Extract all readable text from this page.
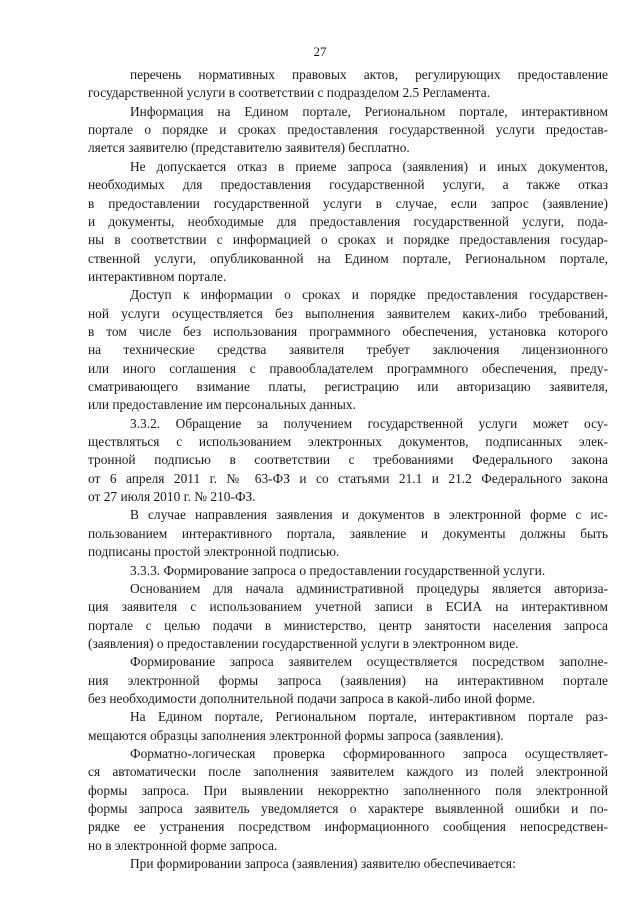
27
перечень нормативных правовых актов, регулирующих предоставление
государственной услуги в соответствии с подразделом 2.5 Регламента.
Информация на Едином портале, Региональном портале, интерактивном
портале о порядке и сроках предоставления государственной услуги предостав-
ляется заявителю (представителю заявителя) бесплатно.
Не допускается отказ в приеме запроса (заявления) и иных документов,
необходимых для предоставления государственной услуги, а также отказ
в предоставлении государственной услуги в случае, если запрос (заявление)
и документы, необходимые для предоставления государственной услуги, пода-
ны в соответствии с информацией о сроках и порядке предоставления государ-
ственной услуги, опубликованной на Едином портале, Региональном портале,
интерактивном портале.
Доступ к информации о сроках и порядке предоставления государствен-
ной услуги осуществляется без выполнения заявителем каких-либо требований,
в том числе без использования программного обеспечения, установка которого
на технические средства заявителя требует заключения лицензионного
или иного соглашения с правообладателем программного обеспечения, преду-
сматривающего взимание платы, регистрацию или авторизацию заявителя,
или предоставление им персональных данных.
3.3.2. Обращение за получением государственной услуги может осу-
ществляться с использованием электронных документов, подписанных элек-
тронной подписью в соответствии с требованиями Федерального закона
от 6 апреля 2011 г. № 63-ФЗ и со статьями 21.1 и 21.2 Федерального закона
от 27 июля 2010 г. № 210-ФЗ.
В случае направления заявления и документов в электронной форме с ис-
пользованием интерактивного портала, заявление и документы должны быть
подписаны простой электронной подписью.
3.3.3. Формирование запроса о предоставлении государственной услуги.
Основанием для начала административной процедуры является авториза-
ция заявителя с использованием учетной записи в ЕСИА на интерактивном
портале с целью подачи в министерство, центр занятости населения запроса
(заявления) о предоставлении государственной услуги в электронном виде.
Формирование запроса заявителем осуществляется посредством заполне-
ния электронной формы запроса (заявления) на интерактивном портале
без необходимости дополнительной подачи запроса в какой-либо иной форме.
На Едином портале, Региональном портале, интерактивном портале раз-
мещаются образцы заполнения электронной формы запроса (заявления).
Форматно-логическая проверка сформированного запроса осуществляет-
ся автоматически после заполнения заявителем каждого из полей электронной
формы запроса. При выявлении некорректно заполненного поля электронной
формы запроса заявитель уведомляется о характере выявленной ошибки и по-
рядке ее устранения посредством информационного сообщения непосредствен-
но в электронной форме запроса.
При формировании запроса (заявления) заявителю обеспечивается:
